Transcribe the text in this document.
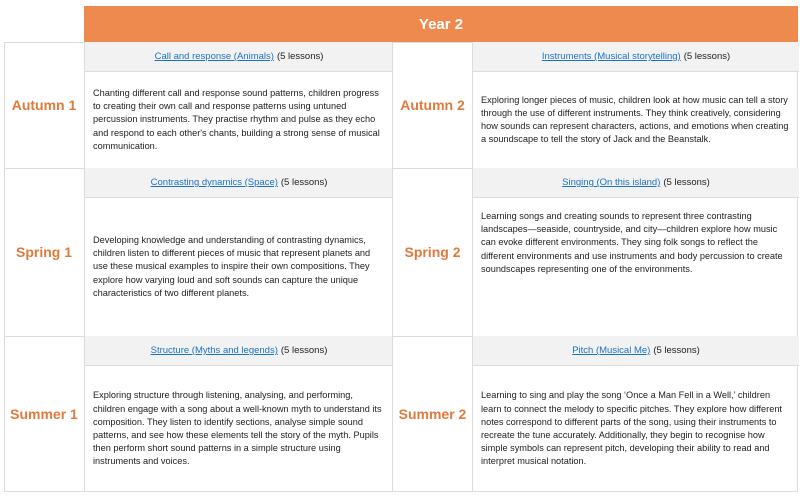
Year 2
Autumn 1
Call and response (Animals) (5 lessons)
Chanting different call and response sound patterns, children progress to creating their own call and response patterns using untuned percussion instruments. They practise rhythm and pulse as they echo and respond to each other's chants, building a strong sense of musical communication.
Autumn 2
Instruments (Musical storytelling) (5 lessons)
Exploring longer pieces of music, children look at how music can tell a story through the use of different instruments. They think creatively, considering how sounds can represent characters, actions, and emotions when creating a soundscape to tell the story of Jack and the Beanstalk.
Spring 1
Contrasting dynamics (Space) (5 lessons)
Developing knowledge and understanding of contrasting dynamics, children listen to different pieces of music that represent planets and use these musical examples to inspire their own compositions. They explore how varying loud and soft sounds can capture the unique characteristics of two different planets.
Spring 2
Singing (On this island) (5 lessons)
Learning songs and creating sounds to represent three contrasting landscapes—seaside, countryside, and city—children explore how music can evoke different environments. They sing folk songs to reflect the different environments and use instruments and body percussion to create soundscapes representing one of the environments.
Summer 1
Structure (Myths and legends) (5 lessons)
Exploring structure through listening, analysing, and performing, children engage with a song about a well-known myth to understand its composition. They listen to identify sections, analyse simple sound patterns, and see how these elements tell the story of the myth. Pupils then perform short sound patterns in a simple structure using instruments and voices.
Summer 2
Pitch (Musical Me) (5 lessons)
Learning to sing and play the song ‘Once a Man Fell in a Well,’ children learn to connect the melody to specific pitches. They explore how different notes correspond to different parts of the song, using their instruments to recreate the tune accurately. Additionally, they begin to recognise how simple symbols can represent pitch, developing their ability to read and interpret musical notation.
